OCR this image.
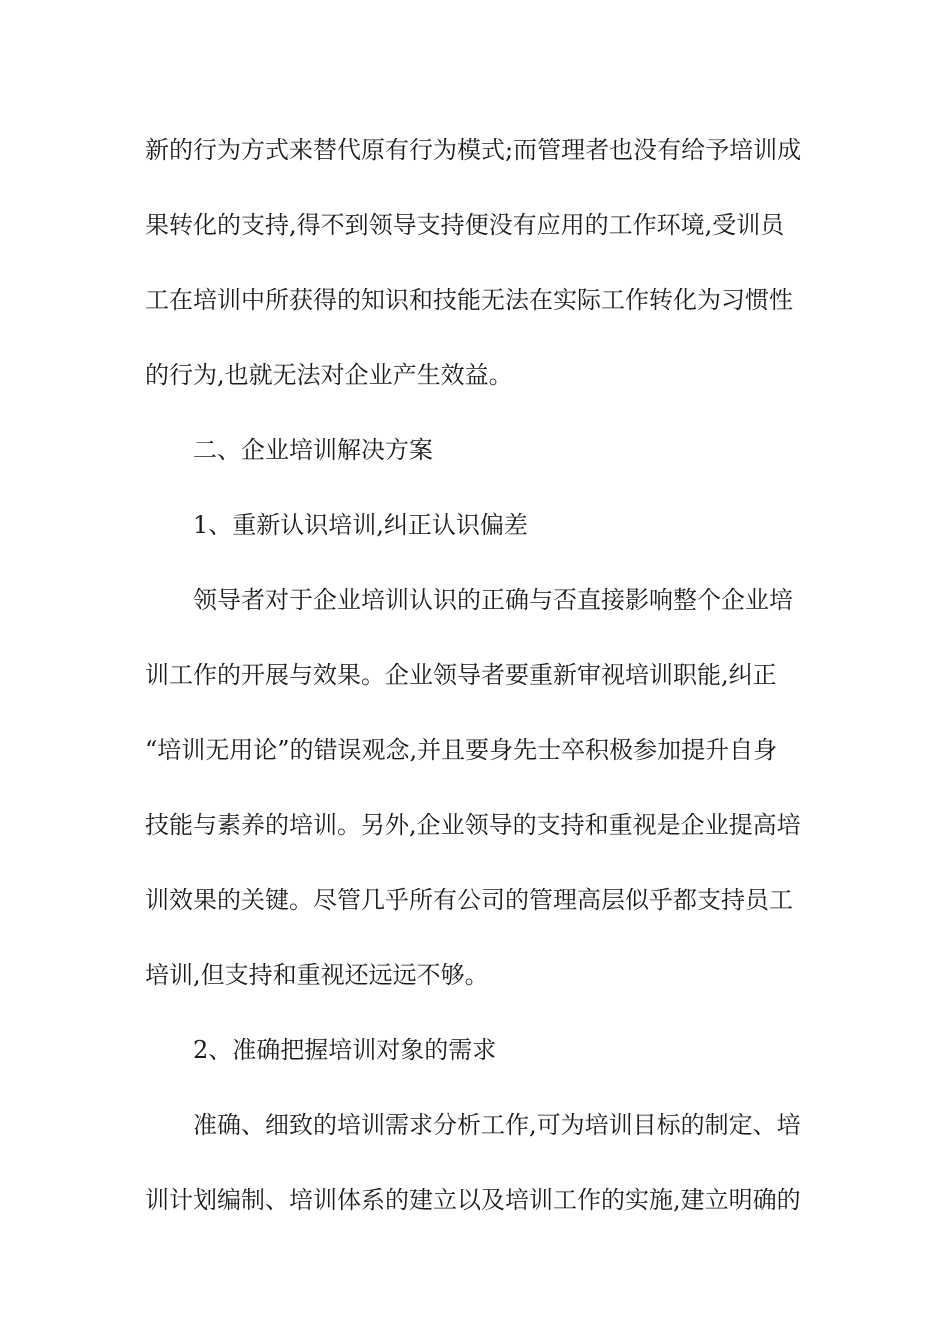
新的行为方式来替代原有行为模式;而管理者也没有给予培训成
果转化的支持,得不到领导支持便没有应用的工作环境,受训员
工在培训中所获得的知识和技能无法在实际工作转化为习惯性
的行为,也就无法对企业产生效益。
二、企业培训解决方案
1、重新认识培训,纠正认识偏差
领导者对于企业培训认识的正确与否直接影响整个企业培
训工作的开展与效果。企业领导者要重新审视培训职能,纠正
“培训无用论”的错误观念,并且要身先士卒积极参加提升自身
技能与素养的培训。另外,企业领导的支持和重视是企业提高培
训效果的关键。尽管几乎所有公司的管理高层似乎都支持员工
培训,但支持和重视还远远不够。
2、准确把握培训对象的需求
准确、细致的培训需求分析工作,可为培训目标的制定、培
训计划编制、培训体系的建立以及培训工作的实施,建立明确的
